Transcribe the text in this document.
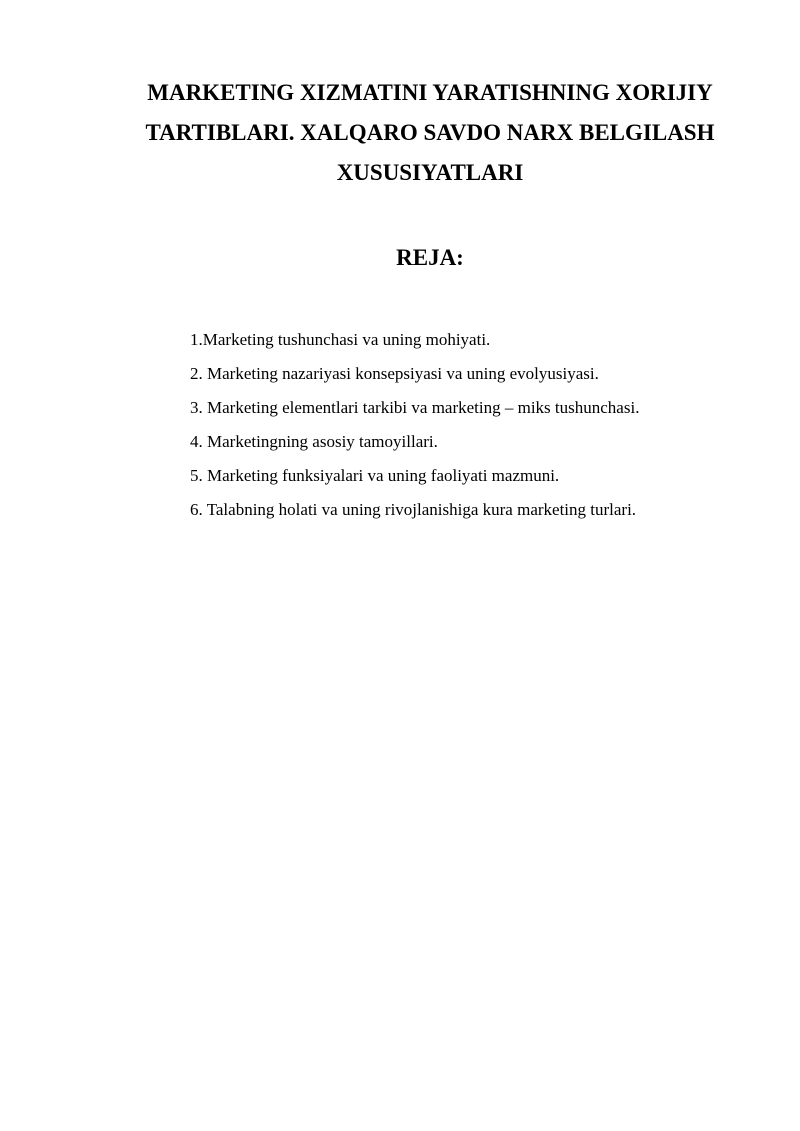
MARKETING XIZMATINI YARATISHNING XORIJIY
TARTIBLARI. XALQARO SAVDO NARX BELGILASH
XUSUSIYATLARI
REJA:
1.Marketing tushunchasi va uning mohiyati.
2. Marketing nazariyasi konsepsiyasi va uning evolyusiyasi.
3. Marketing elementlari tarkibi va marketing – miks tushunchasi.
4. Marketingning asosiy tamoyillari.
5. Marketing funksiyalari va uning faoliyati mazmuni.
6. Talabning holati va uning rivojlanishiga kura marketing turlari.
